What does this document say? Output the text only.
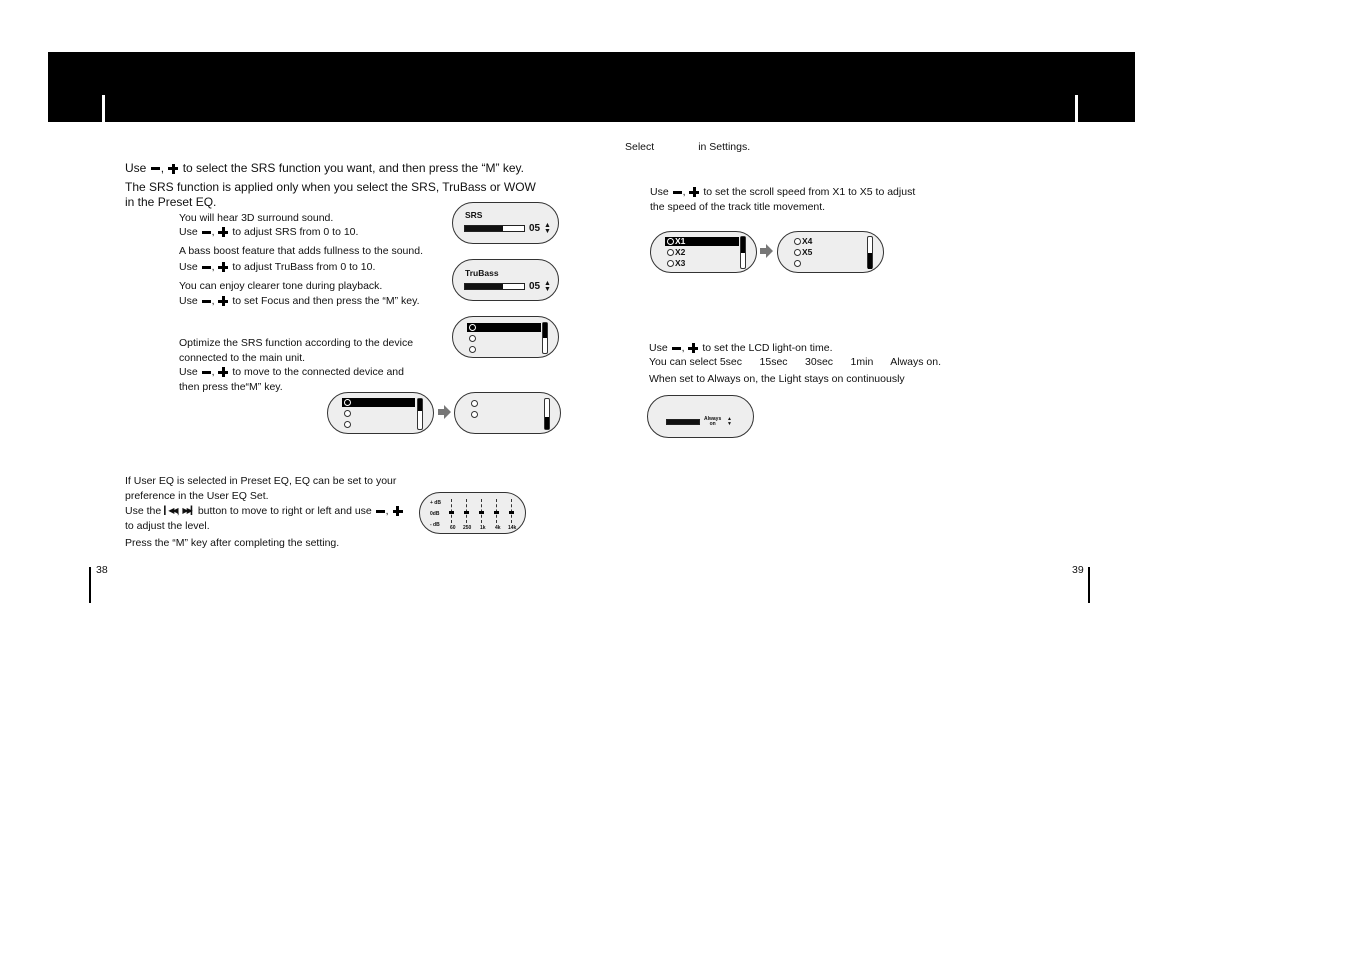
Use ,  to select the SRS function you want, and then press the “M” key.
The SRS function is applied only when you select the SRS, TruBass or WOW
in the Preset EQ.
You will hear 3D surround sound.
Use ,  to adjust SRS from 0 to 10.
A bass boost feature that adds fullness to the sound.
Use ,  to adjust TruBass from 0 to 10.
You can enjoy clearer tone during playback.
Use ,  to set Focus and then press the “M” key.
Optimize the SRS function according to the device
connected to the main unit.
Use ,  to move to the connected device and
then press the“M” key.
SRS
05 ▲
▼
TruBass
05 ▲
▼
If User EQ is selected in Preset EQ, EQ can be set to your
preference in the User EQ Set.
Use the ▎◀◀, ▶▶▎ button to move to right or left and use ,
to adjust the level.
Press the “M” key after completing the setting.
+ dB
0dB
- dB 60 250 1k 4k 14k
38
Select	in Settings.
Use ,  to set the scroll speed from X1 to X5 to adjust
the speed of the track title movement.
X1
X2
X3
X4
X5
Use ,  to set the LCD light-on time.
You can select 5sec      15sec      30sec      1min      Always on.
When set to Always on, the Light stays on continuously
Always
on
▲
▼
39
